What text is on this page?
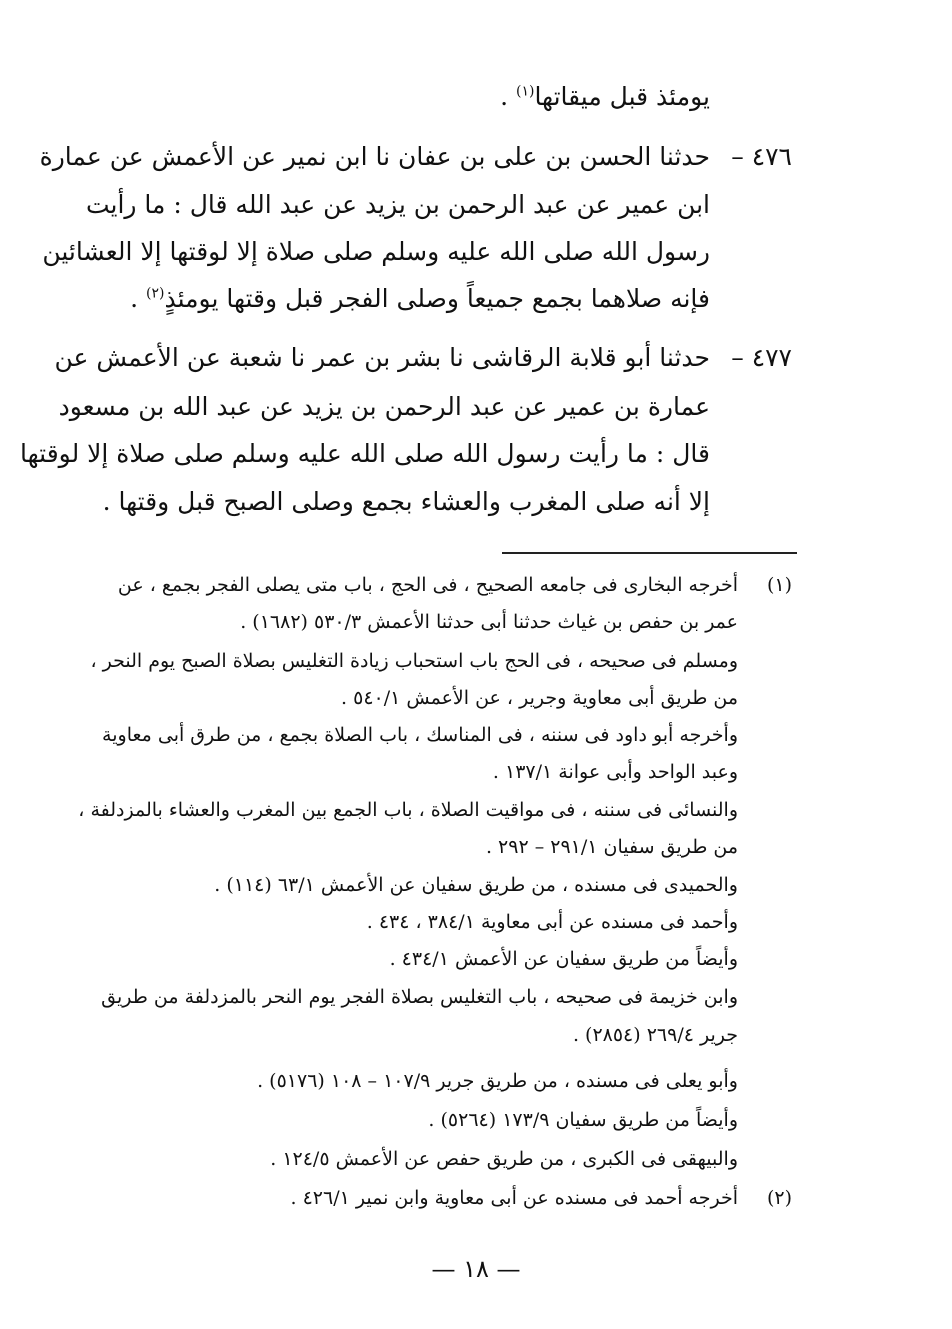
يومئذ قبل ميقاتها$^{(١)}$ .
٤٧٦ –
حدثنا الحسن بن على بن عفان نا ابن نمير عن الأعمش عن عمارة
ابن عمير عن عبد الرحمن بن يزيد عن عبد الله قال : ما رأيت
رسول الله صلى الله عليه وسلم صلى صلاة إلا لوقتها إلا العشائين
فإنه صلاهما بجمع جميعاً وصلى الفجر قبل وقتها يومئذٍ$^{(٢)}$ .
٤٧٧ –
حدثنا أبو قلابة الرقاشى نا بشر بن عمر نا شعبة عن الأعمش عن
عمارة بن عمير عن عبد الرحمن بن يزيد عن عبد الله بن مسعود
قال : ما رأيت رسول الله صلى الله عليه وسلم صلى صلاة إلا لوقتها
إلا أنه صلى المغرب والعشاء بجمع وصلى الصبح قبل وقتها .
(١)
أخرجه البخارى فى جامعه الصحيح ، فى الحج ، باب متى يصلى الفجر بجمع ، عن
عمر بن حفص بن غياث حدثنا أبى حدثنا الأعمش ٥٣٠/٣ (١٦٨٢) .
ومسلم فى صحيحه ، فى الحج باب استحباب زيادة التغليس بصلاة الصبح يوم النحر ،
من طريق أبى معاوية وجرير ، عن الأعمش ٥٤٠/١ .
وأخرجه أبو داود فى سننه ، فى المناسك ، باب الصلاة بجمع ، من طرق أبى معاوية
وعبد الواحد وأبى عوانة ١٣٧/١ .
والنسائى فى سننه ، فى مواقيت الصلاة ، باب الجمع بين المغرب والعشاء بالمزدلفة ،
من طريق سفيان ٢٩١/١ – ٢٩٢ .
والحميدى فى مسنده ، من طريق سفيان عن الأعمش ٦٣/١ (١١٤) .
وأحمد فى مسنده عن أبى معاوية ٣٨٤/١ ، ٤٣٤ .
وأيضاً من طريق سفيان عن الأعمش ٤٣٤/١ .
وابن خزيمة فى صحيحه ، باب التغليس بصلاة الفجر يوم النحر بالمزدلفة من طريق
جرير ٢٦٩/٤ (٢٨٥٤) .
وأبو يعلى فى مسنده ، من طريق جرير ١٠٧/٩ – ١٠٨ (٥١٧٦) .
وأيضاً من طريق سفيان ١٧٣/٩ (٥٢٦٤) .
والبيهقى فى الكبرى ، من طريق حفص عن الأعمش ١٢٤/٥ .
(٢)
أخرجه أحمد فى مسنده عن أبى معاوية وابن نمير ٤٢٦/١ .
— ١٨ —
